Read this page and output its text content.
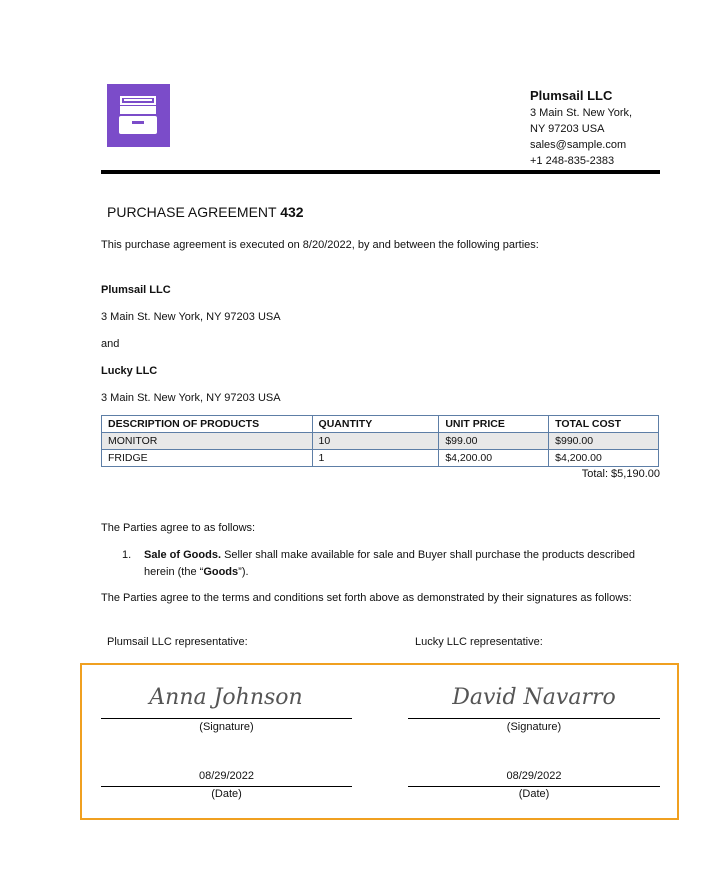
Plumsail LLC
3 Main St. New York,
NY 97203 USA
sales@sample.com
+1 248-835-2383
PURCHASE AGREEMENT 432
This purchase agreement is executed on 8/20/2022, by and between the following parties:
Plumsail LLC
3 Main St. New York, NY 97203 USA
and
Lucky LLC
3 Main St. New York, NY 97203 USA
DESCRIPTION OF PRODUCTS	QUANTITY	UNIT PRICE	TOTAL COST
MONITOR	10	$99.00	$990.00
FRIDGE	1	$4,200.00	$4,200.00
Total: $5,190.00
The Parties agree to as follows:
1. Sale of Goods. Seller shall make available for sale and Buyer shall purchase the products described herein (the “Goods”).
The Parties agree to the terms and conditions set forth above as demonstrated by their signatures as follows:
Plumsail LLC representative:	Lucky LLC representative:
Anna Johnson
(Signature)
08/29/2022
(Date)
David Navarro
(Signature)
08/29/2022
(Date)
